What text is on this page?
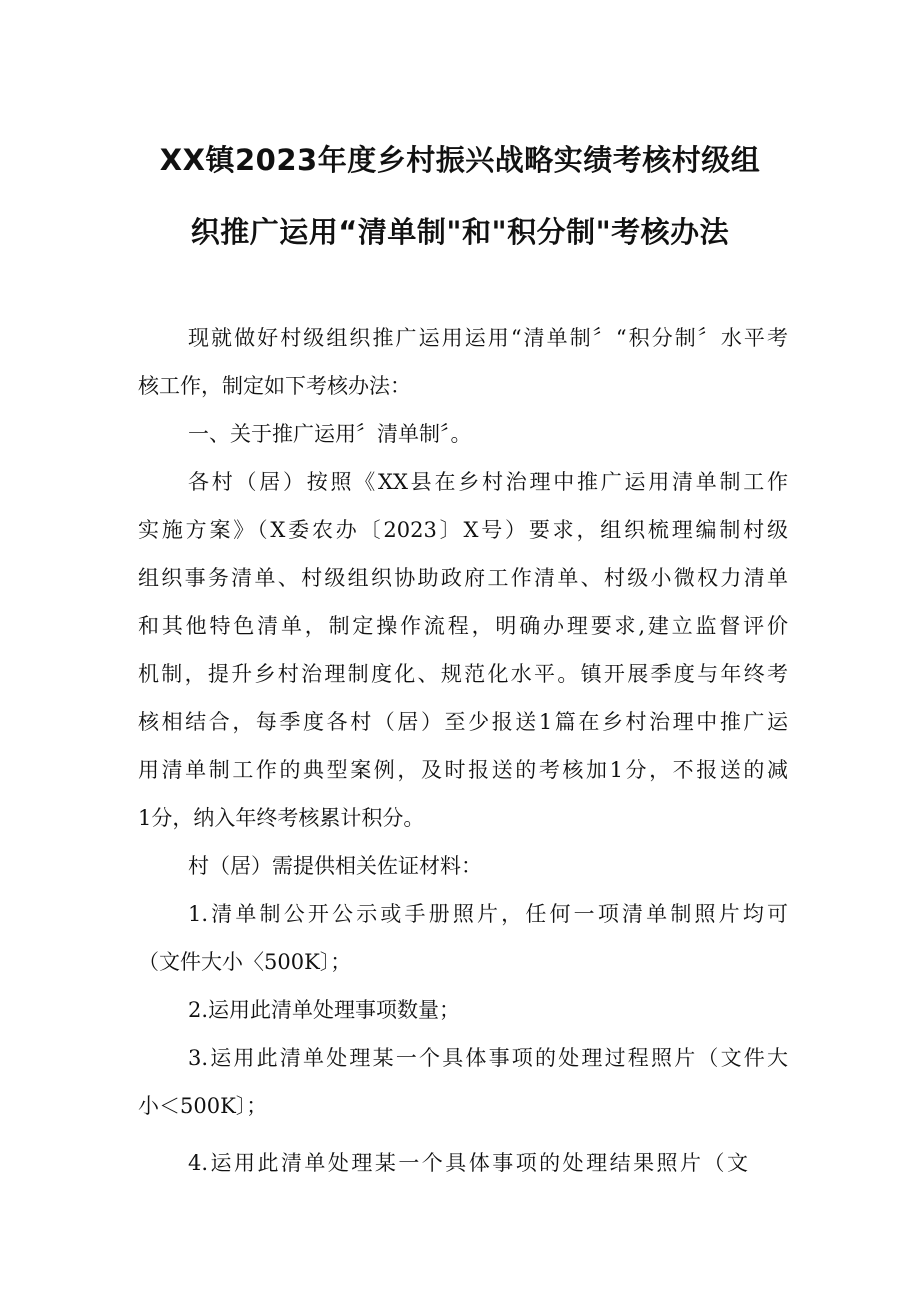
XX镇2023年度乡村振兴战略实绩考核村级组
织推广运用“清单制"和"积分制"考核办法
现就做好村级组织推广运用运用“清单制〞“积分制〞水平考
核工作，制定如下考核办法：
一、关于推广运用〞清单制〞。
各村（居）按照《XX县在乡村治理中推广运用清单制工作
实施方案》（X委农办〔2023〕X号）要求，组织梳理编制村级
组织事务清单、村级组织协助政府工作清单、村级小微权力清单
和其他特色清单，制定操作流程，明确办理要求,建立监督评价
机制，提升乡村治理制度化、规范化水平。镇开展季度与年终考
核相结合，每季度各村（居）至少报送1篇在乡村治理中推广运
用清单制工作的典型案例，及时报送的考核加1分，不报送的减
1分，纳入年终考核累计积分。
村（居）需提供相关佐证材料：
1.清单制公开公示或手册照片，任何一项清单制照片均可
（文件大小〈500K〕；
2.运用此清单处理事项数量；
3.运用此清单处理某一个具体事项的处理过程照片（文件大
小＜500K〕；
4.运用此清单处理某一个具体事项的处理结果照片（文
